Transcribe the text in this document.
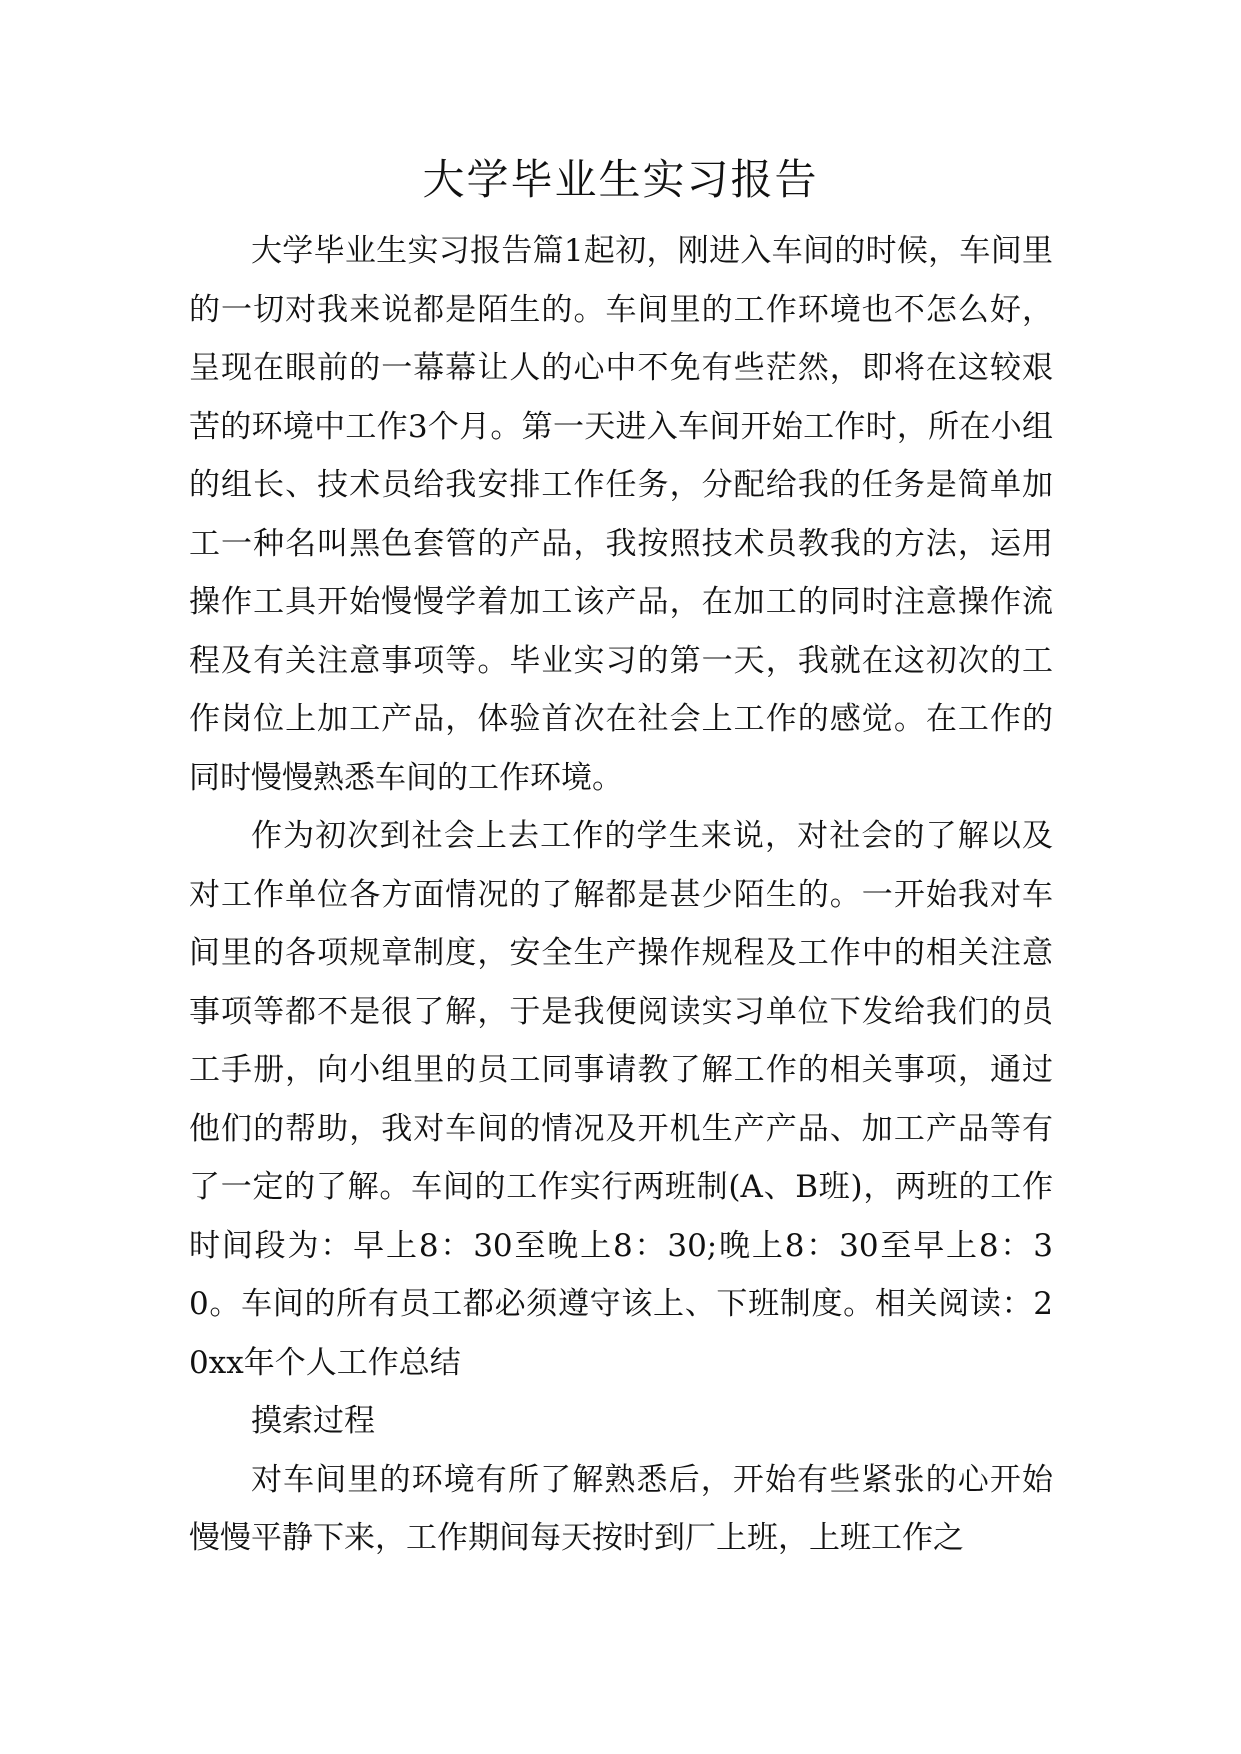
大学毕业生实习报告

大学毕业生实习报告篇1起初，刚进入车间的时候，车间里的一切对我来说都是陌生的。车间里的工作环境也不怎么好，呈现在眼前的一幕幕让人的心中不免有些茫然，即将在这较艰苦的环境中工作3个月。第一天进入车间开始工作时，所在小组的组长、技术员给我安排工作任务，分配给我的任务是简单加工一种名叫黑色套管的产品，我按照技术员教我的方法，运用操作工具开始慢慢学着加工该产品，在加工的同时注意操作流程及有关注意事项等。毕业实习的第一天，我就在这初次的工作岗位上加工产品，体验首次在社会上工作的感觉。在工作的同时慢慢熟悉车间的工作环境。

作为初次到社会上去工作的学生来说，对社会的了解以及对工作单位各方面情况的了解都是甚少陌生的。一开始我对车间里的各项规章制度，安全生产操作规程及工作中的相关注意事项等都不是很了解，于是我便阅读实习单位下发给我们的员工手册，向小组里的员工同事请教了解工作的相关事项，通过他们的帮助，我对车间的情况及开机生产产品、加工产品等有了一定的了解。车间的工作实行两班制(A、B班)，两班的工作时间段为：早上8：30至晚上8：30;晚上8：30至早上8：30。车间的所有员工都必须遵守该上、下班制度。相关阅读：20xx年个人工作总结

摸索过程

对车间里的环境有所了解熟悉后，开始有些紧张的心开始慢慢平静下来，工作期间每天按时到厂上班，上班工作之
